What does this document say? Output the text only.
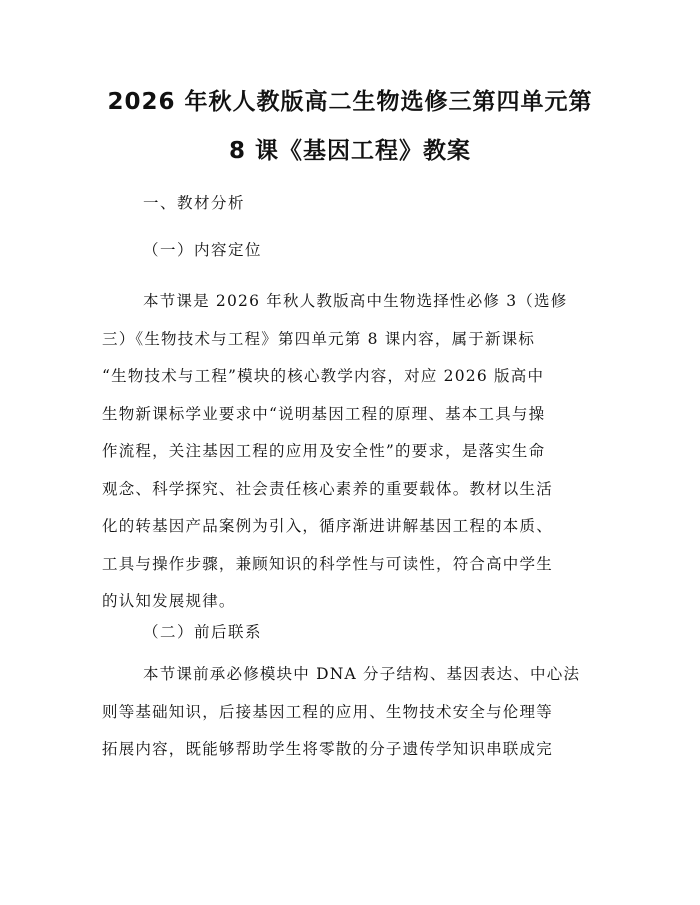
2026 年秋人教版高二生物选修三第四单元第
8 课《基因工程》教案
一、教材分析
（一）内容定位
本节课是 2026 年秋人教版高中生物选择性必修 3（选修
三）《生物技术与工程》第四单元第 8 课内容，属于新课标
“生物技术与工程”模块的核心教学内容，对应 2026 版高中
生物新课标学业要求中“说明基因工程的原理、基本工具与操
作流程，关注基因工程的应用及安全性”的要求，是落实生命
观念、科学探究、社会责任核心素养的重要载体。教材以生活
化的转基因产品案例为引入，循序渐进讲解基因工程的本质、
工具与操作步骤，兼顾知识的科学性与可读性，符合高中学生
的认知发展规律。
（二）前后联系
本节课前承必修模块中 DNA 分子结构、基因表达、中心法
则等基础知识，后接基因工程的应用、生物技术安全与伦理等
拓展内容，既能够帮助学生将零散的分子遗传学知识串联成完
